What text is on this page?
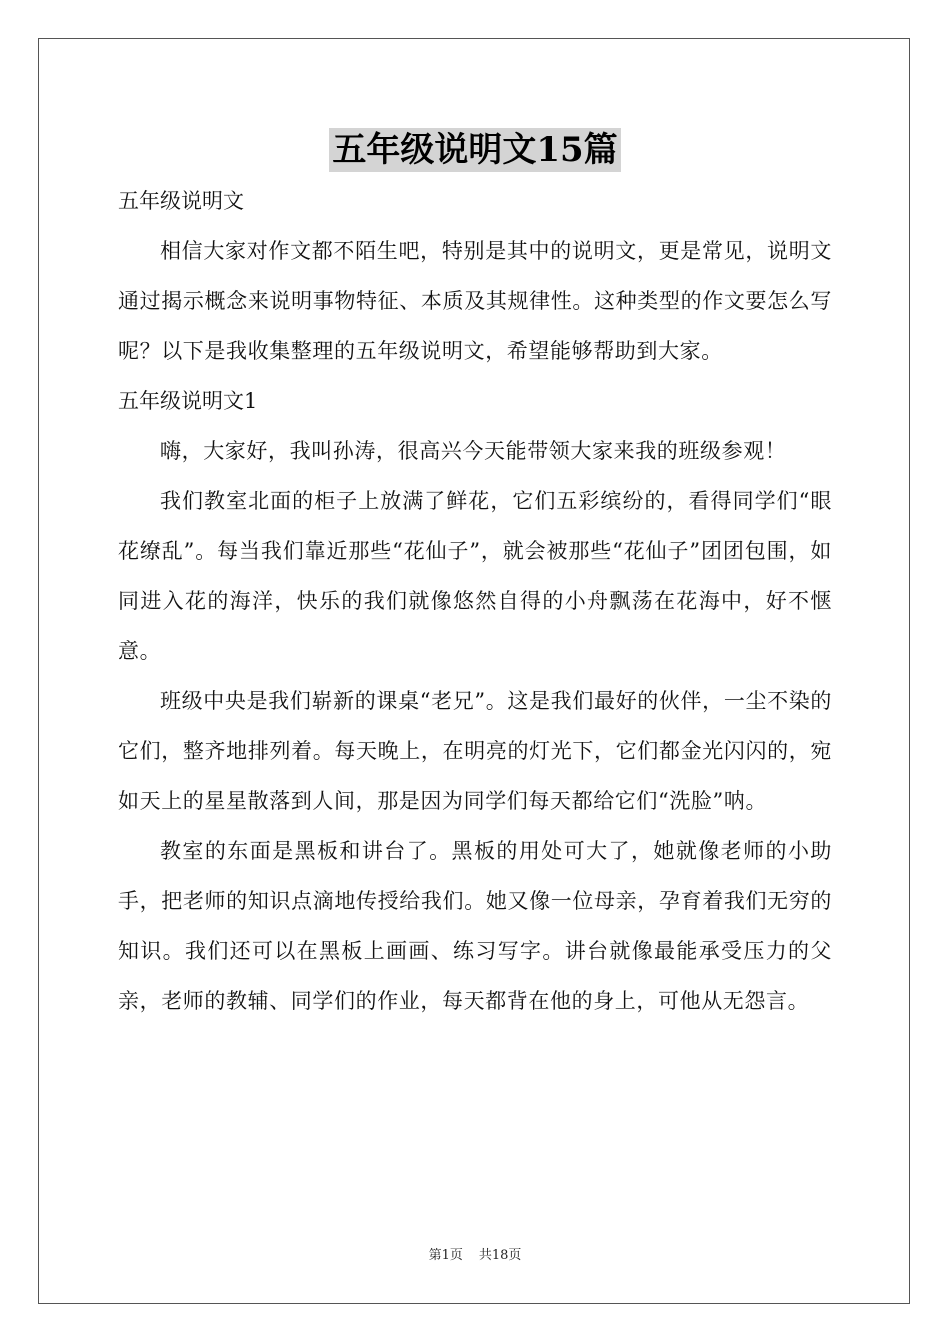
五年级说明文15篇

五年级说明文

相信大家对作文都不陌生吧，特别是其中的说明文，更是常见，说明文通过揭示概念来说明事物特征、本质及其规律性。这种类型的作文要怎么写呢？以下是我收集整理的五年级说明文，希望能够帮助到大家。

五年级说明文1

嗨，大家好，我叫孙涛，很高兴今天能带领大家来我的班级参观！

我们教室北面的柜子上放满了鲜花，它们五彩缤纷的，看得同学们“眼花缭乱”。每当我们靠近那些“花仙子”，就会被那些“花仙子”团团包围，如同进入花的海洋，快乐的我们就像悠然自得的小舟飘荡在花海中，好不惬意。

班级中央是我们崭新的课桌“老兄”。这是我们最好的伙伴，一尘不染的它们，整齐地排列着。每天晚上，在明亮的灯光下，它们都金光闪闪的，宛如天上的星星散落到人间，那是因为同学们每天都给它们“洗脸”呐。

教室的东面是黑板和讲台了。黑板的用处可大了，她就像老师的小助手，把老师的知识点滴地传授给我们。她又像一位母亲，孕育着我们无穷的知识。我们还可以在黑板上画画、练习写字。讲台就像最能承受压力的父亲，老师的教辅、同学们的作业，每天都背在他的身上，可他从无怨言。

第1页 共18页
